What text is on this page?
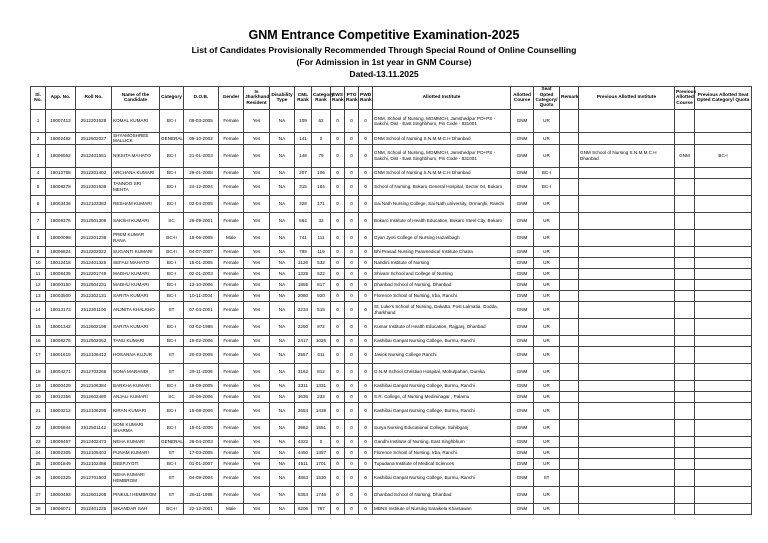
GNM Entrance Competitive Examination-2025
List of Candidates Provisionally Recommended Through Special Round of Online Counselling
(For Admission in 1st year in GNM Course)
Dated-13.11.2025
Sl. No.	App. No.	Roll No.	Name of the Candidate	Category	D.O.B.	Gender	Is Jharkhand Resident	Disability Type	CML Rank	Category Rank	EWS Rank	PTG Rank	PWD Rank	Allotted Institute	Allotted Course	Seat Opted Category/ Quota	Remark	Previous Allotted Institute	Previous Allotted Course	Previous Allotted Seat Opted Category/ Quota
1	18007413	2512201628	KOMAL KUMARI	BC-I	09-03-2005	Female	Yes	NA	109	62	0	0	0	GNM, School of Nursing, MGMMCH, Jamshedpur PO+PS - Sakchi, Dist - East Singhbhum, Pin Code - 831001	GNM	UR				
2	18002482	2512502027	SHYAMOSHREE MALLICK	GENERAL	05-10-2002	Female	Yes	NA	141	0	0	0	0	GNM School of Nursing S.N.M.M.C.H Dhanbad	GNM	UR				
3	18006552	2512401551	NIKSITA MAHATO	BC-I	21-01-2003	Female	Yes	NA	148	79	0	0	0	GNM, School of Nursing, MGMMCH, Jamshedpur PO+PS - Sakchi, Dist - East Singhbhum, Pin Code - 831001	GNM	UR		GNM School of Nursing S.N.M.M.C.H Dhanbad	GNM	BC-I
4	18012768	2512201402	ARCHANA KUMARI	BC-I	29-01-2008	Female	Yes	NA	207	106	0	0	0	GNM School of Nursing S.N.M.M.C.H Dhanbad	GNM	BC-I				
5	18008278	2512301536	TANNOO SRI MEHTA	BC-I	24-12-2004	Female	Yes	NA	315	164	0	0	0	School of Nursing, Bokaro General Hospital, Sector 04, Bokaro	GNM	BC-I				
6	18003436	2512103383	RESHAM KUMARI	BC-I	02-04-2005	Female	Yes	NA	328	171	0	0	0	Sai Nath Nursing College, Sai Nath university, Ormanjhi, Ranchi	GNM	UR				
7	18009376	2512501306	SAKSHI KUMARI	SC	26-09-2001	Female	Yes	NA	564	33	0	0	0	Bokaro Institute of Health Education, Bokaro Steel City, Bokaro	GNM	UR				
8	18000098	2512201236	PREM KUMAR RANA	BC-II	15-06-2005	Male	Yes	NA	741	111	0	0	0	Gyan Jyoti College of Nursing Hazaribagh	GNM	UR				
9	18006824	2512202022	SUGANTI KUMARI	BC-II	04-07-2007	Female	Yes	NA	789	119	0	0	0	Bhi Prasad Nursing Paramedical Institute Chatra	GNM	UR				
10	18012418	2512401325	SEFALI MAHATO	BC-I	15-01-2005	Female	Yes	NA	1126	532	0	0	0	Nandini Institute of Nursing	GNM	UR				
11	18008435	2512201748	MADHU KUMARI	BC-I	02-01-2003	Female	Yes	NA	1328	622	0	0	0	Shivam School and College of Nursing	GNM	UR				
12	18000150	2512504231	MADHU KUMARI	BC-I	13-10-2006	Female	Yes	NA	1855	817	0	0	0	Dhanbad School of Nursing, Dhanbad	GNM	UR				
13	18003500	2512302131	SARITA KUMARI	BC-I	10-11-2004	Female	Yes	NA	2080	920	0	0	0	Florence School of Nursing, Irba, Ranchi.	GNM	UR				
14	18013173	2512301106	ANJNITA KHALKHO	ST	07-04-2001	Female	Yes	NA	2234	515	0	0	0	St. Luke's School of Nursing, Dakatta, Post Lalmatia, Godda, Jharkhand	GNM	UR				
15	18001342	2512502196	SARITA KUMARI	BC-I	03-02-1996	Female	Yes	NA	2250	972	0	0	0	Kumar Institute of Health Education, Rajganj, Dhanbad	GNM	UR				
16	18008276	2512502052	TANU KUMARI	BC-I	19-02-2006	Female	Yes	NA	2417	1026	0	0	0	Kashibai Ganpat Nursing College, Burmu, Ranchi	GNM	UR				
17	18001615	2512106412	HOSANNA KUJUR	ST	20-03-2005	Female	Yes	NA	2557	611	0	0	0	Jasiok Nursing College Ranchi	GNM	UR				
18	18004271	2512703266	SONA MARANDI	ST	29-11-2006	Female	Yes	NA	3162	812	0	0	0	G.N.M School Christian Hospital, Mohulpahari, Dumka	GNM	UR				
19	18000429	2512106384	BARKHA KUMARI	BC-I	19-09-2005	Female	Yes	NA	3311	1331	0	0	0	Kashibai Ganpat Nursing College, Burmu, Ranchi	GNM	UR				
20	18012356	2512602480	ANJALI KUMARI	SC	20-06-2006	Female	Yes	NA	3636	233	0	0	0	S.R. College, of Nursing Medininagar , Palamu	GNM	UR				
21	18003212	2512106295	KIRAN KUMARI	BC-I	15-08-2006	Female	Yes	NA	3654	1439	0	0	0	Kashibai Ganpat Nursing College, Burmu, Ranchi	GNM	UR				
22	18005844	2512501142	SONI KUMARI SHARMA	BC-I	15-01-2006	Female	Yes	NA	3962	1551	0	0	0	Surya Nursing Educational College, Sahibganj	GNM	UR				
23	18009457	2512402473	NEHA KUMARI	GENERAL	26-04-2003	Female	Yes	NA	4322	0	0	0	0	Gandhi Institute of Nursing, East Singhbhum	GNM	UR				
24	18002305	2512105403	PUNAM KUMARI	ST	17-03-2005	Female	Yes	NA	4450	1357	0	0	0	Florence School of Nursing, Irba, Ranchi.	GNM	UR				
25	18001849	2512102486	DEEPJYOTI	BC-I	01-01-2007	Female	Yes	NA	4511	1701	0	0	0	Tupudana Institute of Medical Sciences	GNM	UR				
26	18002325	2512701503	NEHA KUMARI HEMBROM	ST	04-09-2004	Female	Yes	NA	4863	1530	0	0	0	Kashibai Ganpat Nursing College, Burmu, Ranchi	GNM	ST				
27	18000493	2512501208	PINKULI HEMBROM	ST	26-11-1996	Female	Yes	NA	5354	1746	0	0	0	Dhanbad School of Nursing, Dhanbad	GNM	UR				
28	18006071	2512401225	SIKANDAR SAH	BC-II	22-12-2001	Male	Yes	NA	6206	787	0	0	0	MBNS Institute of Nursing Saraikela Kharsawan	GNM	UR				
